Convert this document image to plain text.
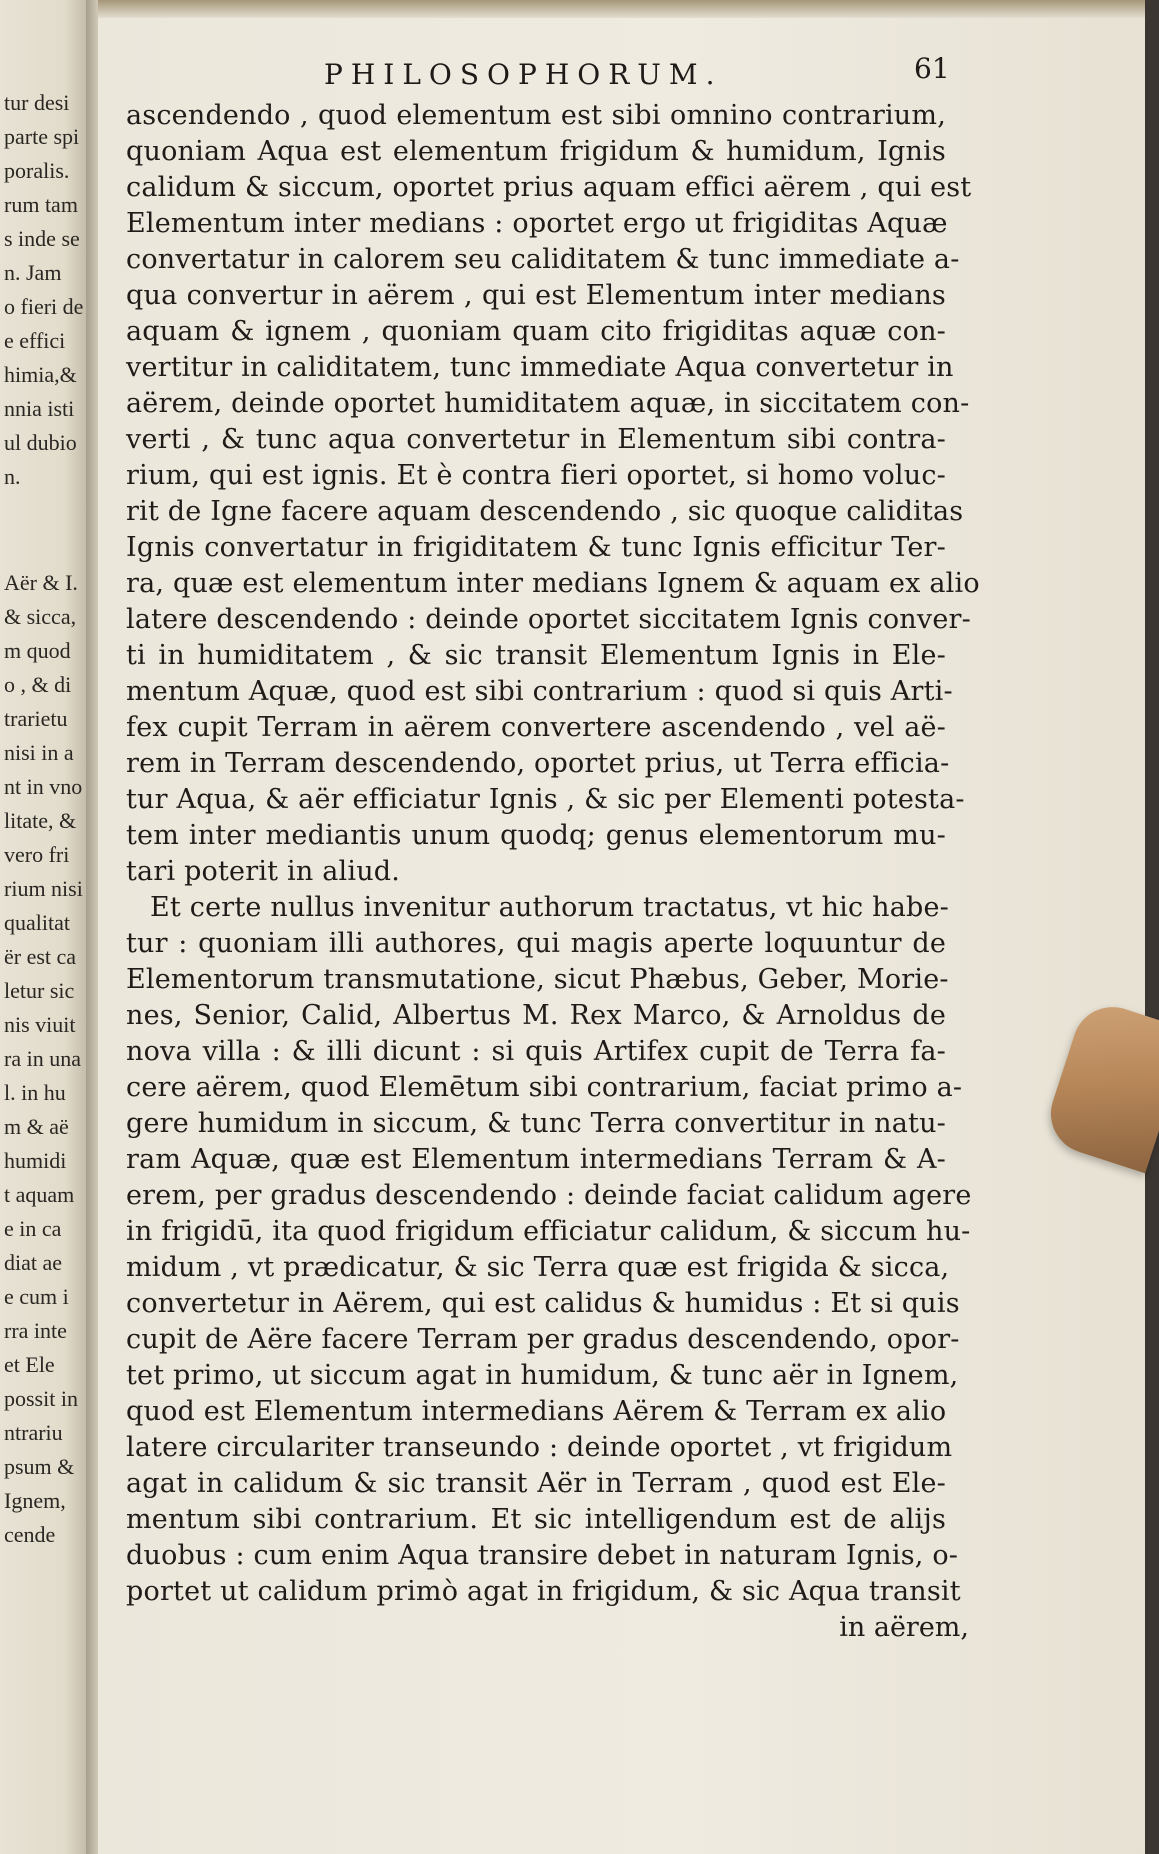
tur desi
parte spi
poralis.
rum tam
s inde se
n. Jam
o fieri de
e effici
himia,&
nnia isti
ul dubio
n.
Aër & I.
& sicca,
m quod
o , & di
trarietu
nisi in a
nt in vno
litate, &
vero fri
rium nisi
qualitat
ër est ca
letur sic
nis viuit
ra in una
l. in hu
m & aë
humidi
t aquam
e in ca
diat ae
e cum i
rra inte
et Ele
possit in
ntrariu
psum &
Ignem,
cende
PHILOSOPHORUM.	61
ascendendo , quod elementum est sibi omnino contrarium,
quoniam Aqua est elementum frigidum & humidum, Ignis
calidum & siccum, oportet prius aquam effici aërem , qui est
Elementum inter medians : oportet ergo ut frigiditas Aquæ
convertatur in calorem seu caliditatem & tunc immediate a-
qua convertur in aërem , qui est Elementum inter medians
aquam & ignem , quoniam quam cito frigiditas aquæ con-
vertitur in caliditatem, tunc immediate Aqua convertetur in
aërem, deinde oportet humiditatem aquæ, in siccitatem con-
verti , & tunc aqua convertetur in Elementum sibi contra-
rium, qui est ignis. Et è contra fieri oportet, si homo voluc-
rit de Igne facere aquam descendendo , sic quoque caliditas
Ignis convertatur in frigiditatem & tunc Ignis efficitur Ter-
ra, quæ est elementum inter medians Ignem & aquam ex alio
latere descendendo : deinde oportet siccitatem Ignis conver-
ti in humiditatem , & sic transit Elementum Ignis in Ele-
mentum Aquæ, quod est sibi contrarium : quod si quis Arti-
fex cupit Terram in aërem convertere ascendendo , vel aë-
rem in Terram descendendo, oportet prius, ut Terra efficia-
tur Aqua, & aër efficiatur Ignis , & sic per Elementi potesta-
tem inter mediantis unum quodq; genus elementorum mu-
tari poterit in aliud.
Et certe nullus invenitur authorum tractatus, vt hic habe-
tur : quoniam illi authores, qui magis aperte loquuntur de
Elementorum transmutatione, sicut Phæbus, Geber, Morie-
nes, Senior, Calid, Albertus M. Rex Marco, & Arnoldus de
nova villa : & illi dicunt : si quis Artifex cupit de Terra fa-
cere aërem, quod Elemētum sibi contrarium, faciat primo a-
gere humidum in siccum, & tunc Terra convertitur in natu-
ram Aquæ, quæ est Elementum intermedians Terram & A-
erem, per gradus descendendo : deinde faciat calidum agere
in frigidū, ita quod frigidum efficiatur calidum, & siccum hu-
midum , vt prædicatur, & sic Terra quæ est frigida & sicca,
convertetur in Aërem, qui est calidus & humidus : Et si quis
cupit de Aëre facere Terram per gradus descendendo, opor-
tet primo, ut siccum agat in humidum, & tunc aër in Ignem,
quod est Elementum intermedians Aërem & Terram ex alio
latere circulariter transeundo : deinde oportet , vt frigidum
agat in calidum & sic transit Aër in Terram , quod est Ele-
mentum sibi contrarium. Et sic intelligendum est de alijs
duobus : cum enim Aqua transire debet in naturam Ignis, o-
portet ut calidum primò agat in frigidum, & sic Aqua transit
in aërem,
